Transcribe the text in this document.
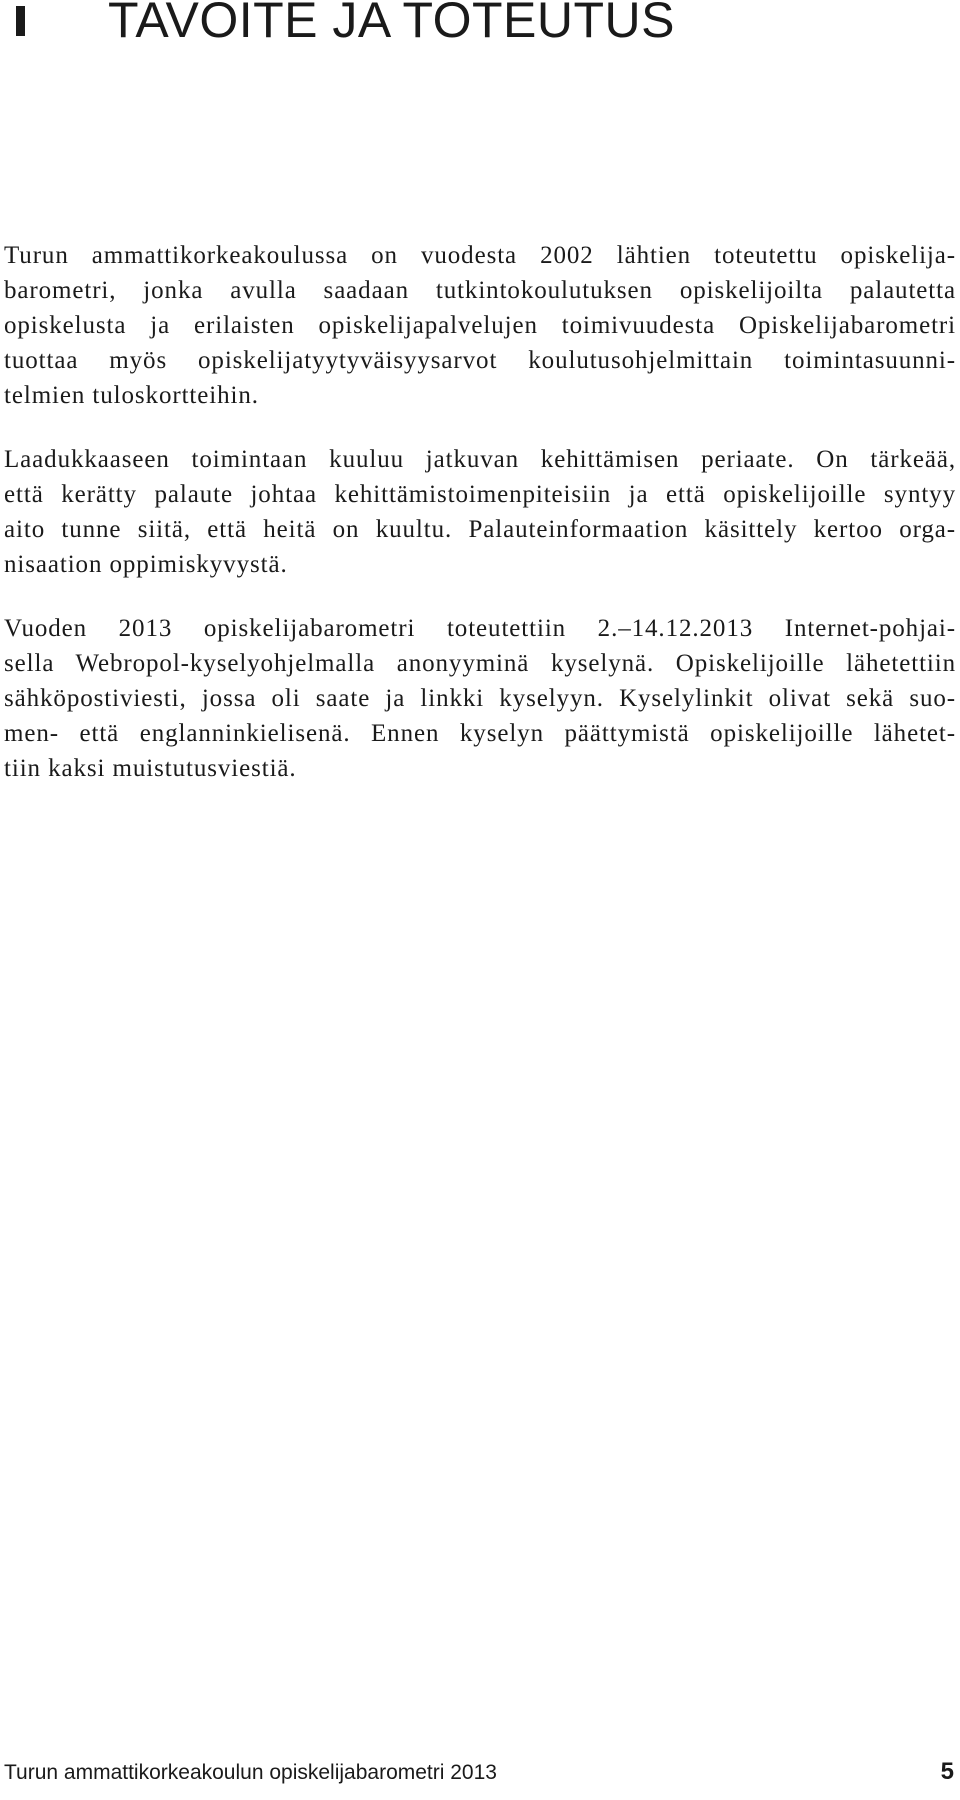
TAVOITE JA TOTEUTUS

Turun ammattikorkeakoulussa on vuodesta 2002 lähtien toteutettu opiskelija-
barometri, jonka avulla saadaan tutkintokoulutuksen opiskelijoilta palautetta
opiskelusta ja erilaisten opiskelijapalvelujen toimivuudesta Opiskelijabarometri
tuottaa myös opiskelijatyytyväisyysarvot koulutusohjelmittain toimintasuunni-
telmien tuloskortteihin.

Laadukkaaseen toimintaan kuuluu jatkuvan kehittämisen periaate. On tärkeää,
että kerätty palaute johtaa kehittämistoimenpiteisiin ja että opiskelijoille syntyy
aito tunne siitä, että heitä on kuultu. Palauteinformaation käsittely kertoo orga-
nisaation oppimiskyvystä.

Vuoden 2013 opiskelijabarometri toteutettiin 2.–14.12.2013 Internet-pohjai-
sella Webropol-kyselyohjelmalla anonyyminä kyselynä. Opiskelijoille lähetettiin
sähköpostiviesti, jossa oli saate ja linkki kyselyyn. Kyselylinkit olivat sekä suo-
men- että englanninkielisenä. Ennen kyselyn päättymistä opiskelijoille lähetet-
tiin kaksi muistutusviestiä.

Turun ammattikorkeakoulun opiskelijabarometri 2013	5
